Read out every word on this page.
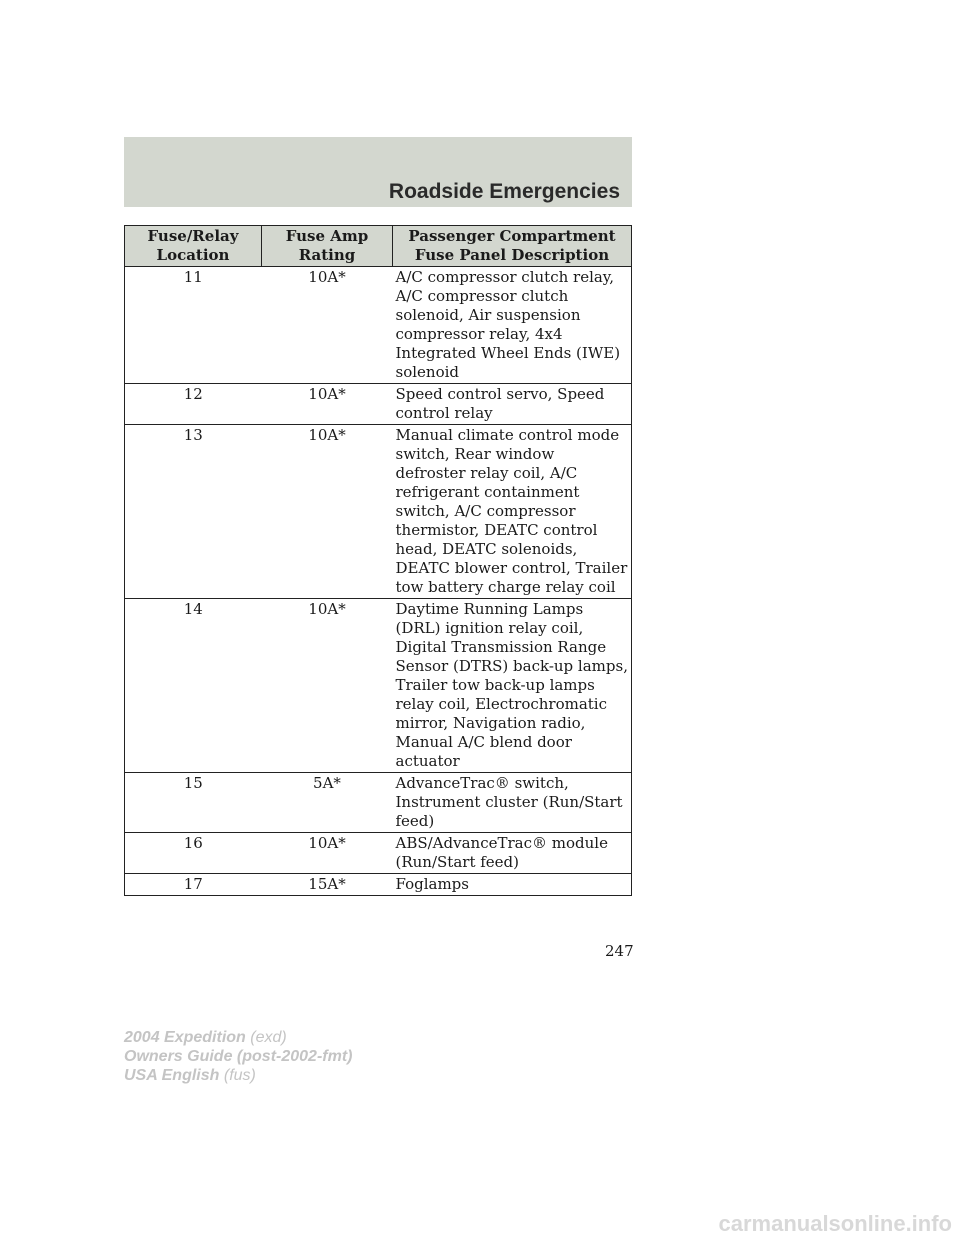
Roadside Emergencies
Fuse/Relay Location	Fuse Amp Rating	Passenger Compartment Fuse Panel Description
11	10A*	A/C compressor clutch relay, A/C compressor clutch solenoid, Air suspension compressor relay, 4x4 Integrated Wheel Ends (IWE) solenoid
12	10A*	Speed control servo, Speed control relay
13	10A*	Manual climate control mode switch, Rear window defroster relay coil, A/C refrigerant containment switch, A/C compressor thermistor, DEATC control head, DEATC solenoids, DEATC blower control, Trailer tow battery charge relay coil
14	10A*	Daytime Running Lamps (DRL) ignition relay coil, Digital Transmission Range Sensor (DTRS) back-up lamps, Trailer tow back-up lamps relay coil, Electrochromatic mirror, Navigation radio, Manual A/C blend door actuator
15	5A*	AdvanceTrac® switch, Instrument cluster (Run/Start feed)
16	10A*	ABS/AdvanceTrac® module (Run/Start feed)
17	15A*	Foglamps

247

2004 Expedition (exd)
Owners Guide (post-2002-fmt)
USA English (fus)
carmanualsonline.info
